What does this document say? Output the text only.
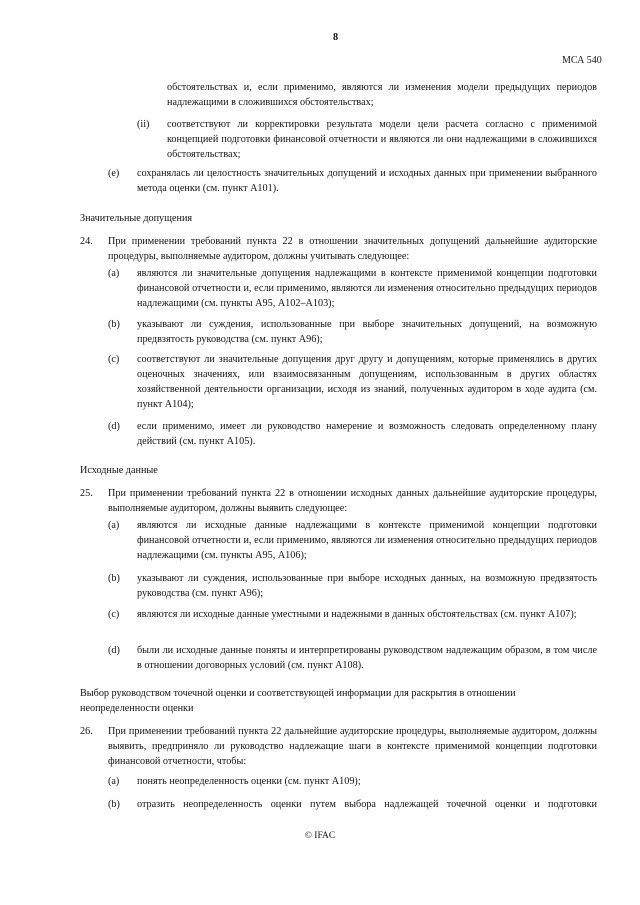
8
МСА 540

обстоятельствах и, если применимо, являются ли изменения модели предыдущих периодов надлежащими в сложившихся обстоятельствах;

(ii) соответствуют ли корректировки результата модели цели расчета согласно с применимой концепцией подготовки финансовой отчетности и являются ли они надлежащими в сложившихся обстоятельствах;

(e) сохранялась ли целостность значительных допущений и исходных данных при применении выбранного метода оценки (см. пункт А101).

Значительные допущения
24. При применении требований пункта 22 в отношении значительных допущений дальнейшие аудиторские процедуры, выполняемые аудитором, должны учитывать следующее:

(a) являются ли значительные допущения надлежащими в контексте применимой концепции подготовки финансовой отчетности и, если применимо, являются ли изменения относительно предыдущих периодов надлежащими (см. пункты А95, А102–А103);

(b) указывают ли суждения, использованные при выборе значительных допущений, на возможную предвзятость руководства (см. пункт А96);

(c) соответствуют ли значительные допущения друг другу и допущениям, которые применялись в других оценочных значениях, или взаимосвязанным допущениям, использованным в других областях хозяйственной деятельности организации, исходя из знаний, полученных аудитором в ходе аудита (см. пункт А104);

(d) если применимо, имеет ли руководство намерение и возможность следовать определенному плану действий (см. пункт А105).

Исходные данные
25. При применении требований пункта 22 в отношении исходных данных дальнейшие аудиторские процедуры, выполняемые аудитором, должны выявить следующее:

(a) являются ли исходные данные надлежащими в контексте применимой концепции подготовки финансовой отчетности и, если применимо, являются ли изменения относительно предыдущих периодов надлежащими (см. пункты А95, А106);

(b) указывают ли суждения, использованные при выборе исходных данных, на возможную предвзятость руководства (см. пункт А96);

(c) являются ли исходные данные уместными и надежными в данных обстоятельствах (см. пункт А107);

(d) были ли исходные данные поняты и интерпретированы руководством надлежащим образом, в том числе в отношении договорных условий (см. пункт А108).

Выбор руководством точечной оценки и соответствующей информации для раскрытия в отношении неопределенности оценки
26. При применении требований пункта 22 дальнейшие аудиторские процедуры, выполняемые аудитором, должны выявить, предприняло ли руководство надлежащие шаги в контексте применимой концепции подготовки финансовой отчетности, чтобы:

(a) понять неопределенность оценки (см. пункт А109);

(b) отразить неопределенность оценки путем выбора надлежащей точечной оценки и подготовки

© IFAC
